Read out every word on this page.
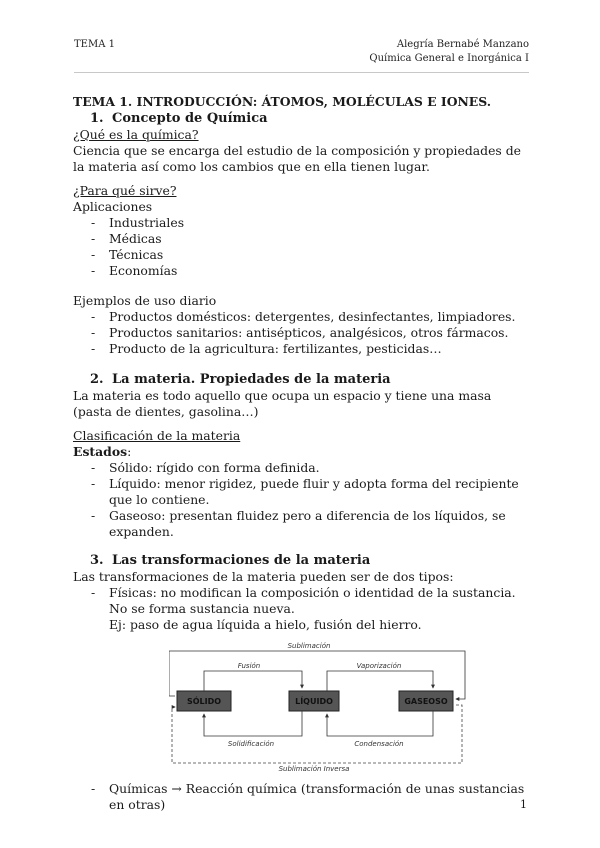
TEMA 1	Alegría Bernabé Manzano
Química General e Inorgánica I
TEMA 1. INTRODUCCIÓN: ÁTOMOS, MOLÉCULAS E IONES.
1. Concepto de Química
¿Qué es la química?
Ciencia que se encarga del estudio de la composición y propiedades de la materia así como los cambios que en ella tienen lugar.
¿Para qué sirve?
Aplicaciones
- Industriales
- Médicas
- Técnicas
- Economías
Ejemplos de uso diario
- Productos domésticos: detergentes, desinfectantes, limpiadores.
- Productos sanitarios: antisépticos, analgésicos, otros fármacos.
- Producto de la agricultura: fertilizantes, pesticidas…
2. La materia. Propiedades de la materia
La materia es todo aquello que ocupa un espacio y tiene una masa (pasta de dientes, gasolina…)
Clasificación de la materia
Estados:
- Sólido: rígido con forma definida.
- Líquido: menor rigidez, puede fluir y adopta forma del recipiente que lo contiene.
- Gaseoso: presentan fluidez pero a diferencia de los líquidos, se expanden.
3. Las transformaciones de la materia
Las transformaciones de la materia pueden ser de dos tipos:
- Físicas: no modifican la composición o identidad de la sustancia. No se forma sustancia nueva.
Ej: paso de agua líquida a hielo, fusión del hierro.
SÓLIDO	LÍQUIDO	GASEOSO
Sublimación
Fusión	Vaporización
Solidificación	Condensación
Sublimación Inversa
- Químicas → Reacción química (transformación de unas sustancias en otras)	1
